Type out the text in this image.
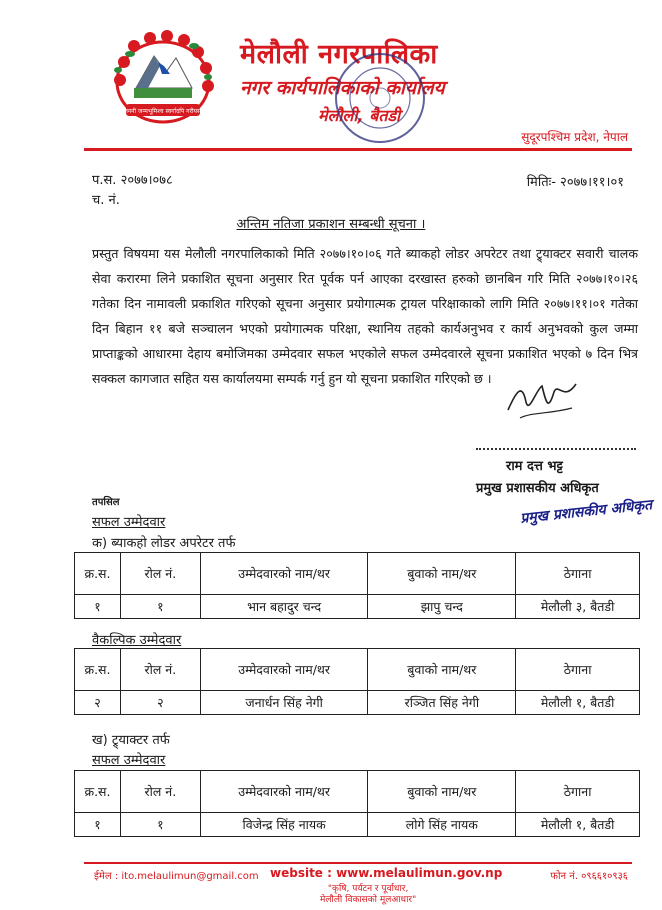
जननी जन्मभूमिश्च स्वर्गादपि गरीयसी
मेलौली नगरपालिका
नगर कार्यपालिकाको कार्यालय
मेलौली, बैतडी
सुदूरपश्चिम प्रदेश, नेपाल
प.स. २०७७।०७८
च. नं.
मितिः- २०७७।११।०१
अन्तिम नतिजा प्रकाशन सम्बन्धी सूचना ।
प्रस्तुत विषयमा यस मेलौली नगरपालिकाको मिति २०७७।१०।०६ गते ब्याकहो लोडर अपरेटर तथा ट्र्याक्टर सवारी चालक सेवा करारमा लिने प्रकाशित सूचना अनुसार रित पूर्वक पर्न आएका दरखास्त हरुको छानबिन गरि मिति २०७७।१०।२६ गतेका दिन नामावली प्रकाशित गरिएको सूचना अनुसार प्रयोगात्मक ट्रायल परिक्षाकाको लागि मिति २०७७।११।०१ गतेका दिन बिहान ११ बजे सञ्चालन भएको प्रयोगात्मक परिक्षा, स्थानिय तहको कार्यअनुभव र कार्य अनुभवको कुल जम्मा प्राप्ताङ्कको आधारमा देहाय बमोजिमका उम्मेदवार सफल भएकोले सफल उम्मेदवारले सूचना प्रकाशित भएको ७ दिन भित्र सक्कल कागजात सहित यस कार्यालयमा सम्पर्क गर्नु हुन यो सूचना प्रकाशित गरिएको छ ।
राम दत्त भट्ट
प्रमुख प्रशासकीय अधिकृत
प्रमुख प्रशासकीय अधिकृत
तपसिल
सफल उम्मेदवार
क) ब्याकहो लोडर अपरेटर तर्फ
क्र.स.	रोल नं.	उम्मेदवारको नाम/थर	बुवाको नाम/थर	ठेगाना
१	१	भान बहादुर चन्द	झापु चन्द	मेलौली ३, बैतडी
वैकल्पिक उम्मेदवार
क्र.स.	रोल नं.	उम्मेदवारको नाम/थर	बुवाको नाम/थर	ठेगाना
२	२	जनार्धन सिंह नेगी	रञ्जित सिंह नेगी	मेलौली १, बैतडी
ख) ट्र्याक्टर तर्फ
सफल उम्मेदवार
क्र.स.	रोल नं.	उम्मेदवारको नाम/थर	बुवाको नाम/थर	ठेगाना
१	१	विजेन्द्र सिंह नायक	लोगे सिंह नायक	मेलौली १, बैतडी
ईमेल : ito.melaulimun@gmail.com website : www.melaulimun.gov.np	फोन नं. ०९६६१०९३६
"कृषि, पर्यटन र पूर्वाधार,
मेलौली विकासको मूलआधार"
